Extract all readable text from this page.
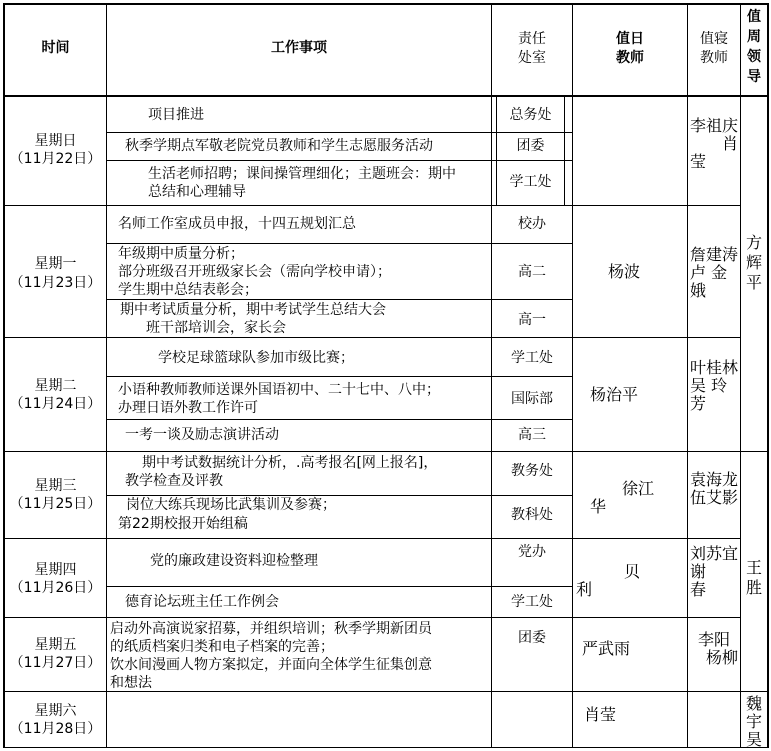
时间	工作事项
责任
处室
值日
教师
值寝
教师
值
周
领
导
星期日
（11月22日）
星期一
（11月23日）
星期二
（11月24日）
星期三
（11月25日）
星期四
（11月26日）
星期五
（11月27日）
星期六
（11月28日）
项目推进
秋季学期点军敬老院党员教师和学生志愿服务活动
生活老师招聘；课间操管理细化；主题班会：期中
总结和心理辅导
名师工作室成员申报，十四五规划汇总
年级期中质量分析；
部分班级召开班级家长会（需向学校申请）；
学生期中总结表彰会；
期中考试质量分析，期中考试学生总结大会
班干部培训会，家长会
学校足球篮球队参加市级比赛；
小语种教师教师送课外国语初中、二十七中、八中；
办理日语外教工作许可
一考一谈及励志演讲活动
期中考试数据统计分析，.高考报名[网上报名]，
教学检查及评教
岗位大练兵现场比武集训及参赛；
第22期校报开始组稿
党的廉政建设资料迎检整理
德育论坛班主任工作例会
启动外高演说家招募，并组织培训；秋季学期新团员
的纸质档案归类和电子档案的完善；
饮水间漫画人物方案拟定，并面向全体学生征集创意
和想法
总务处
团委
学工处
校办
高二
高一
学工处
国际部
高三
教务处
教科处
党办
学工处
团委
杨波
杨治平
徐江
华
贝
利
严武雨
肖莹
李祖庆
肖
莹
詹建涛
卢 金
娥
叶桂林
吴 玲
芳
袁海龙
伍艾影
刘苏宜
谢
春
李阳
杨柳
方
辉
平
王
胜
魏
宇
昊
